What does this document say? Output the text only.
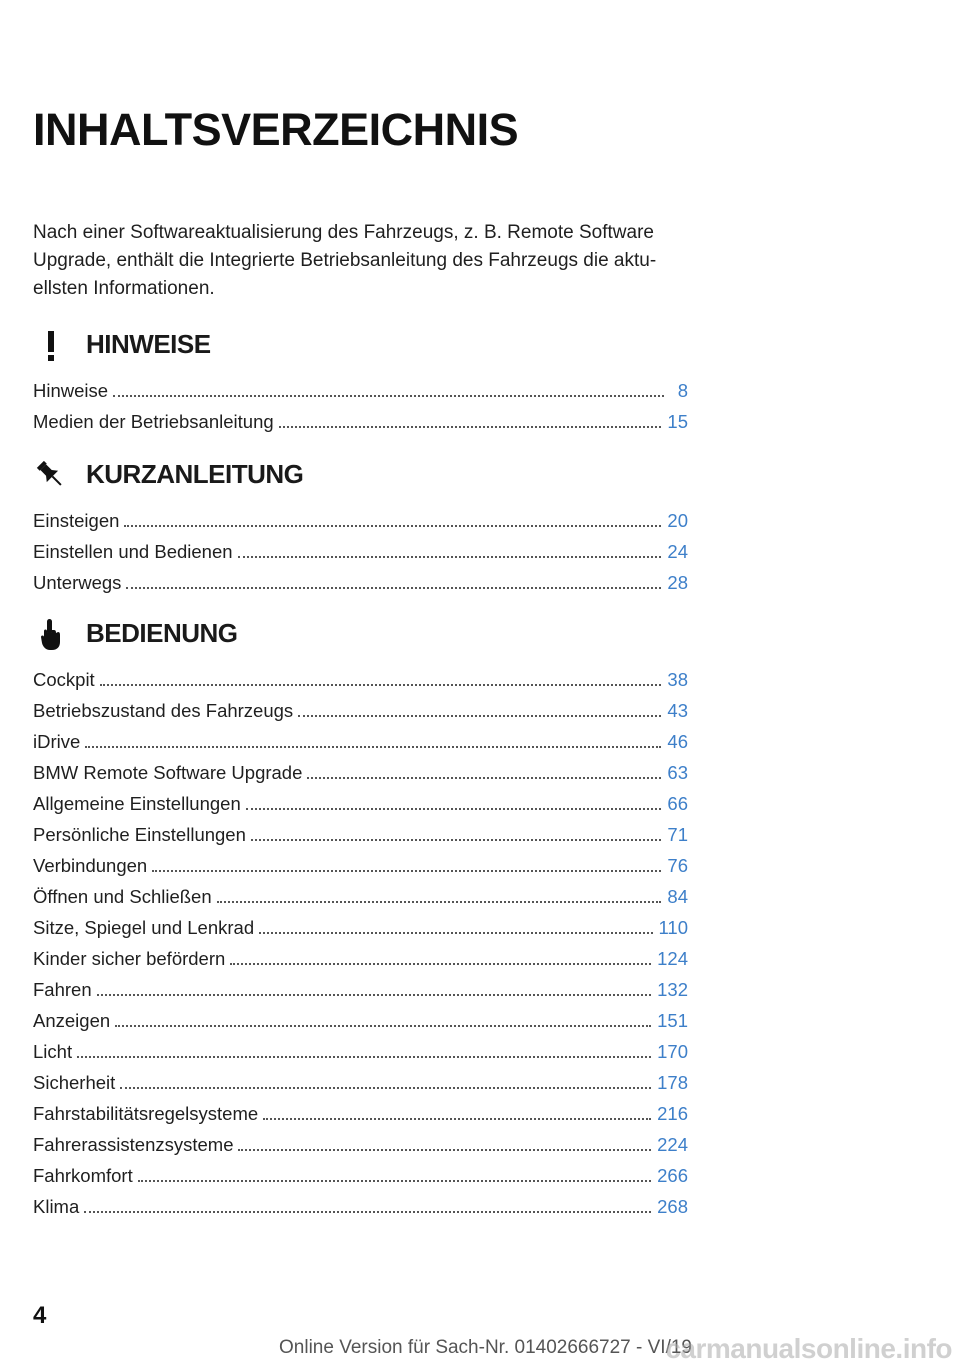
INHALTSVERZEICHNIS

Nach einer Softwareaktualisierung des Fahrzeugs, z. B. Remote Software Upgrade, enthält die Integrierte Betriebsanleitung des Fahrzeugs die aktuellsten Informationen.

HINWEISE
Hinweise	8
Medien der Betriebsanleitung	15
KURZANLEITUNG
Einsteigen	20
Einstellen und Bedienen	24
Unterwegs	28
BEDIENUNG
Cockpit	38
Betriebszustand des Fahrzeugs	43
iDrive	46
BMW Remote Software Upgrade	63
Allgemeine Einstellungen	66
Persönliche Einstellungen	71
Verbindungen	76
Öffnen und Schließen	84
Sitze, Spiegel und Lenkrad	110
Kinder sicher befördern	124
Fahren	132
Anzeigen	151
Licht	170
Sicherheit	178
Fahrstabilitätsregelsysteme	216
Fahrerassistenzsysteme	224
Fahrkomfort	266
Klima	268
4
Online Version für Sach-Nr. 01402666727 - VI/19
carmanualsonline.info
